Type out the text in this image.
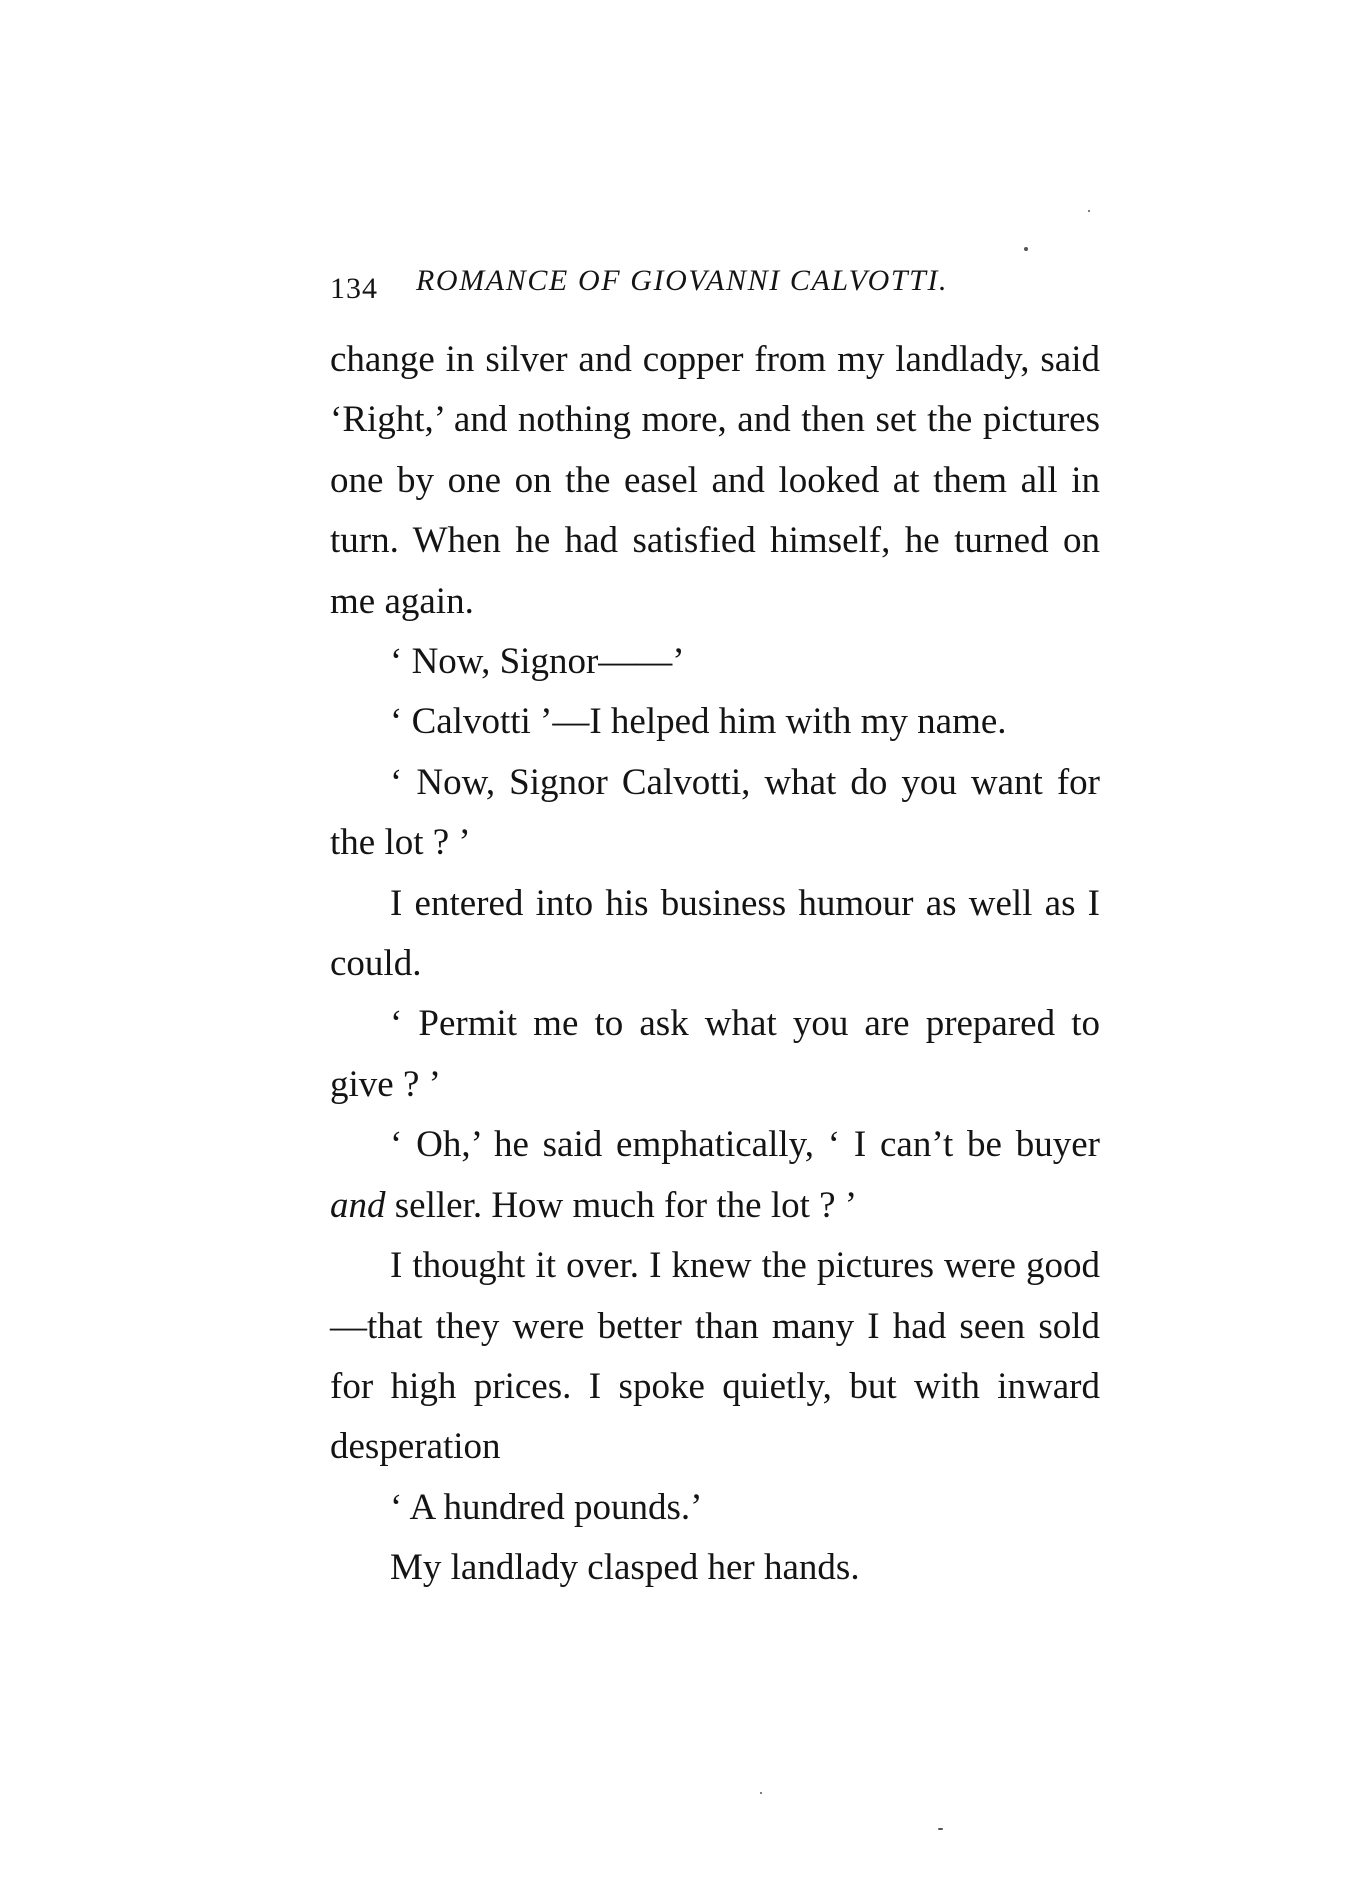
134 ROMANCE OF GIOVANNI CALVOTTI.

change in silver and copper from my landlady, said ‘Right,’ and nothing more, and then set the pictures one by one on the easel and looked at them all in turn. When he had satisfied himself, he turned on me again.

‘ Now, Signor——’

‘ Calvotti ’—I helped him with my name.

‘ Now, Signor Calvotti, what do you want for the lot ? ’

I entered into his business humour as well as I could.

‘ Permit me to ask what you are prepared to give ? ’

‘ Oh,’ he said emphatically, ‘ I can’t be buyer and seller. How much for the lot ? ’

I thought it over. I knew the pictures were good—that they were better than many I had seen sold for high prices. I spoke quietly, but with inward desperation

‘ A hundred pounds.’

My landlady clasped her hands.
